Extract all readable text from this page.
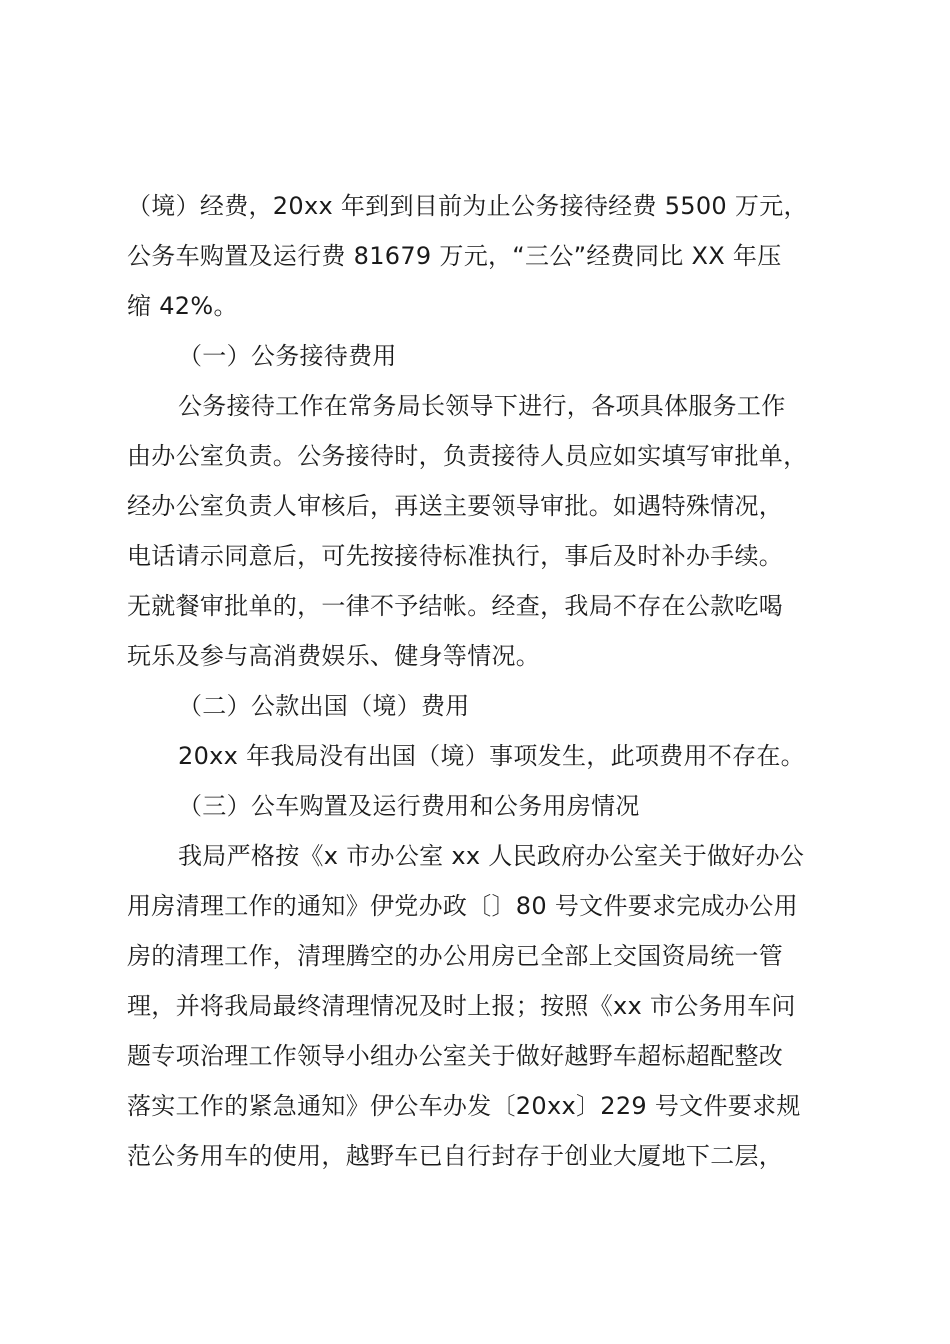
（境）经费，20xx 年到到目前为止公务接待经费 5500 万元，
公务车购置及运行费 81679 万元，“三公”经费同比 XX 年压
缩 42%。
（一）公务接待费用
公务接待工作在常务局长领导下进行，各项具体服务工作
由办公室负责。公务接待时，负责接待人员应如实填写审批单，
经办公室负责人审核后，再送主要领导审批。如遇特殊情况，
电话请示同意后，可先按接待标准执行，事后及时补办手续。
无就餐审批单的，一律不予结帐。经查，我局不存在公款吃喝
玩乐及参与高消费娱乐、健身等情况。
（二）公款出国（境）费用
20xx 年我局没有出国（境）事项发生，此项费用不存在。
（三）公车购置及运行费用和公务用房情况
我局严格按《x 市办公室 xx 人民政府办公室关于做好办公
用房清理工作的通知》伊党办政〔〕80 号文件要求完成办公用
房的清理工作，清理腾空的办公用房已全部上交国资局统一管
理，并将我局最终清理情况及时上报；按照《xx 市公务用车问
题专项治理工作领导小组办公室关于做好越野车超标超配整改
落实工作的紧急通知》伊公车办发〔20xx〕229 号文件要求规
范公务用车的使用，越野车已自行封存于创业大厦地下二层，
